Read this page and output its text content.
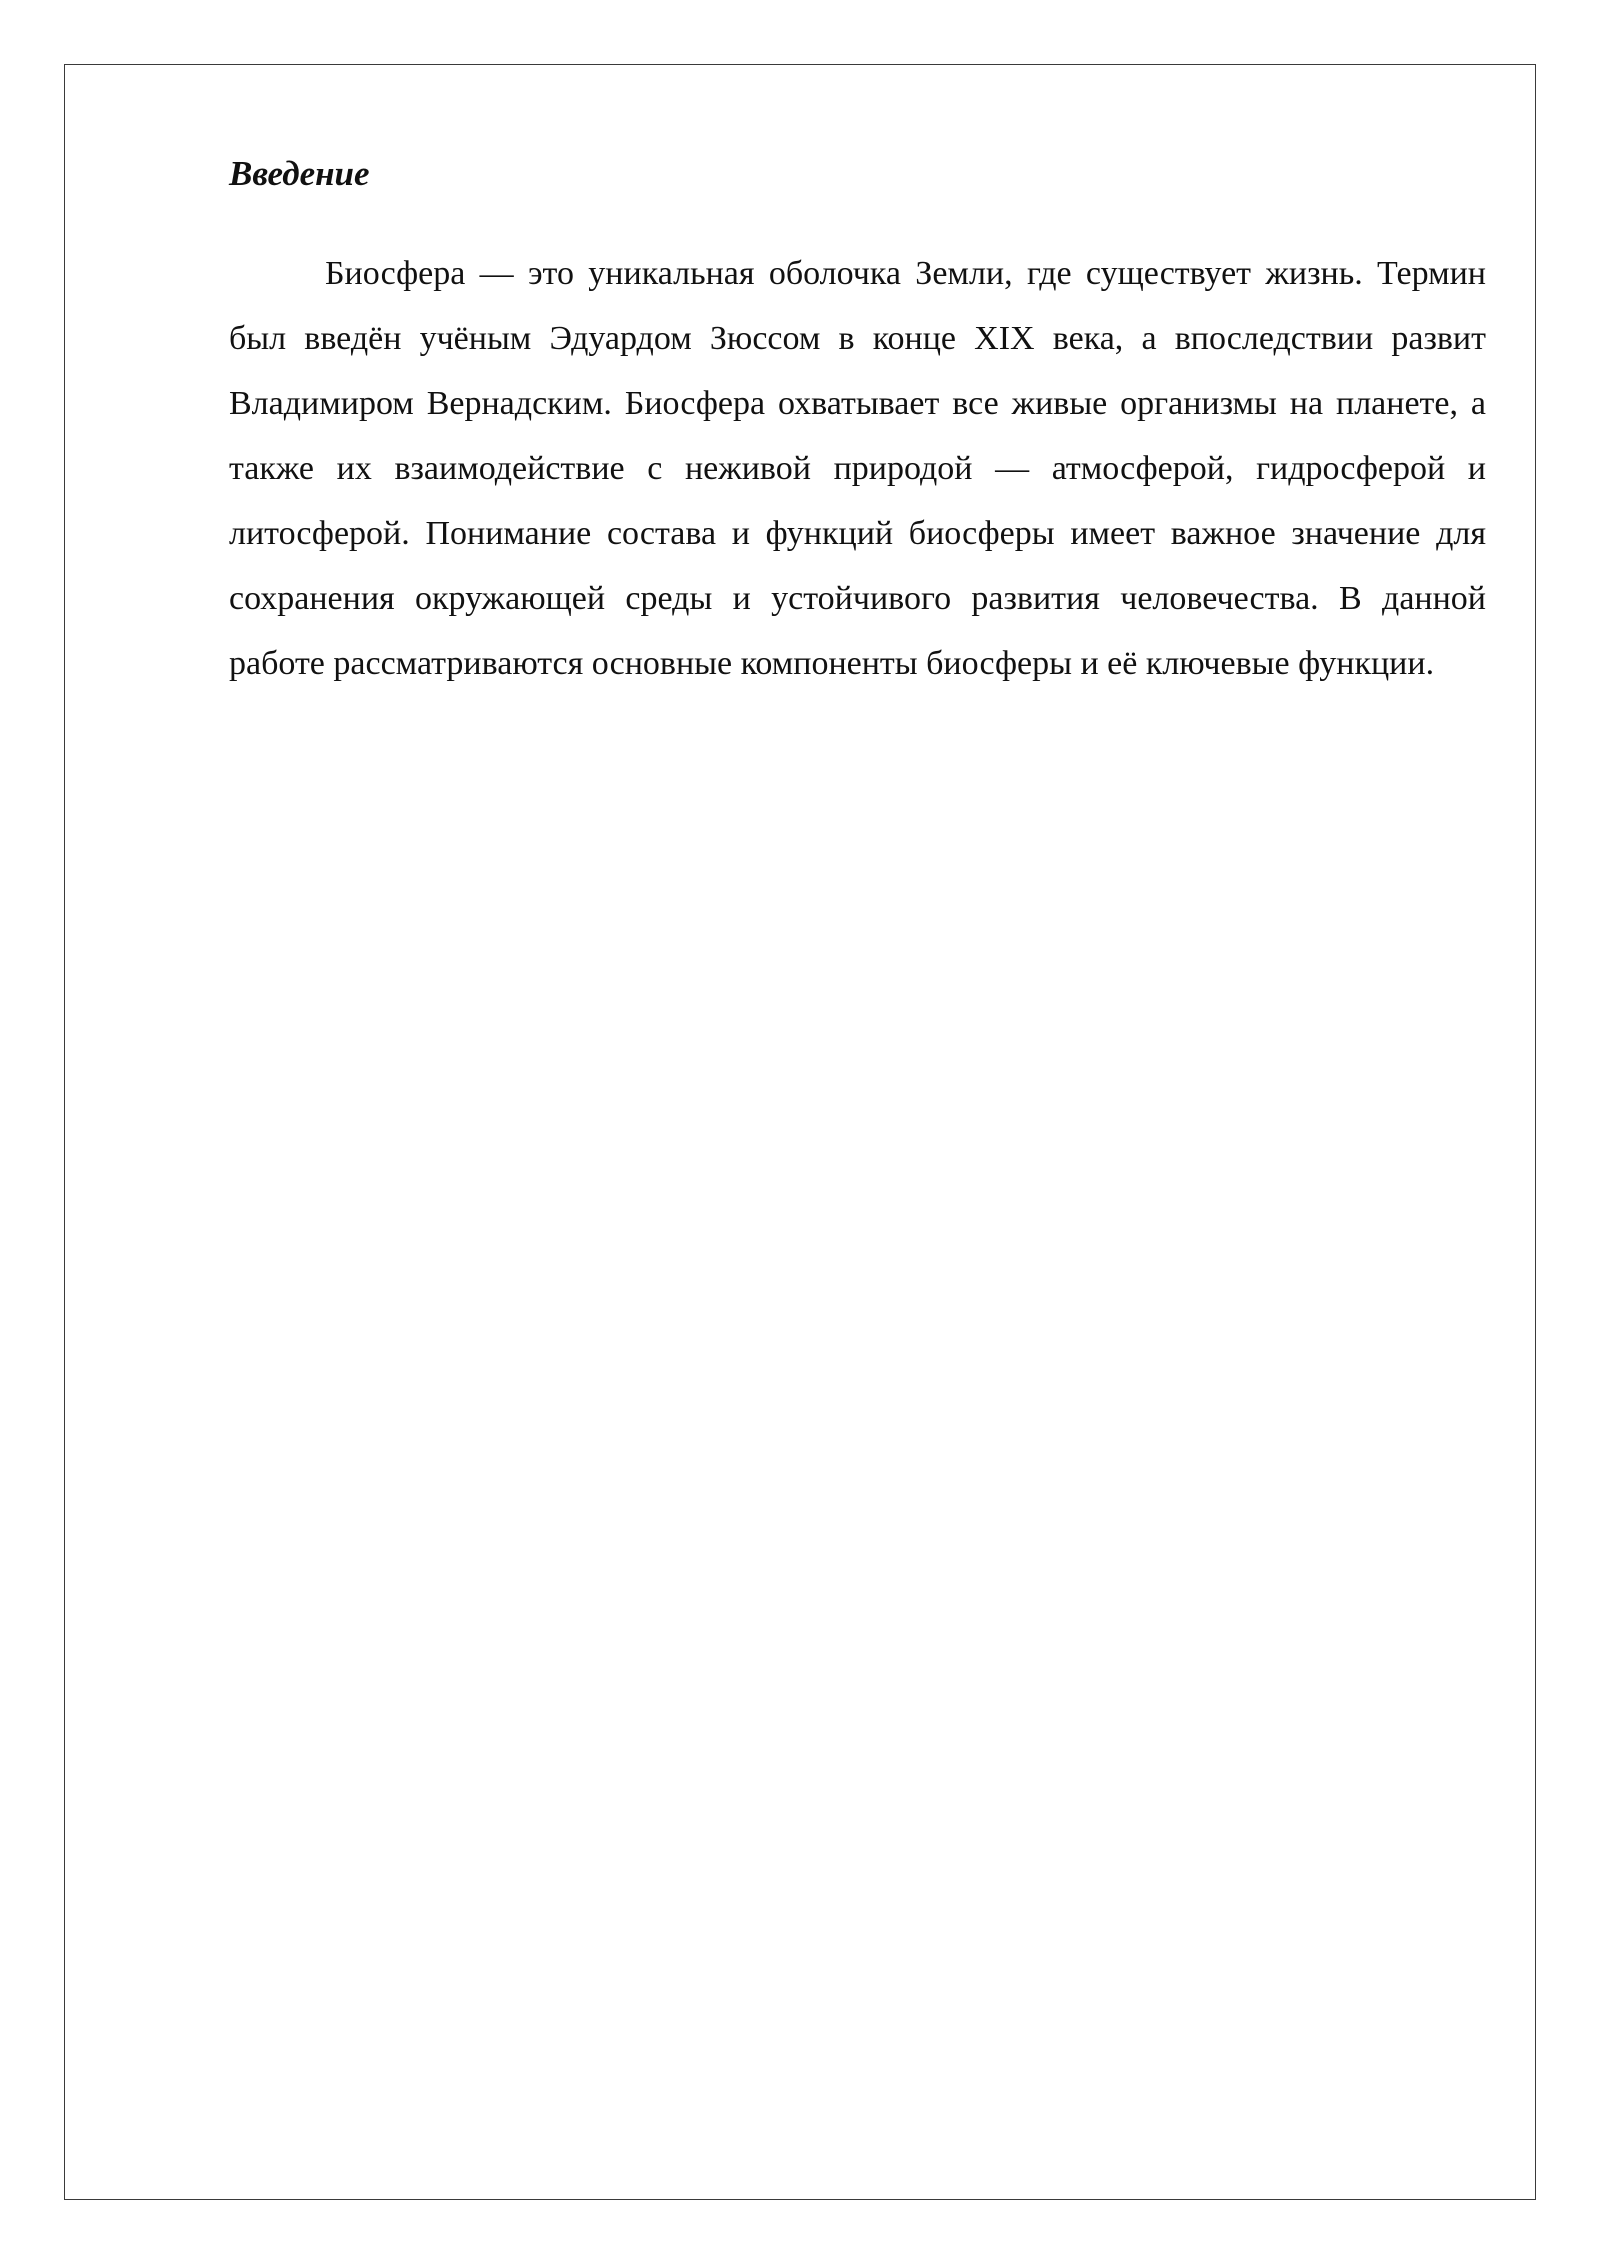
Введение

Биосфера — это уникальная оболочка Земли, где существует жизнь. Термин был введён учёным Эдуардом Зюссом в конце XIX века, а впоследствии развит Владимиром Вернадским. Биосфера охватывает все живые организмы на планете, а также их взаимодействие с неживой природой — атмосферой, гидросферой и литосферой. Понимание состава и функций биосферы имеет важное значение для сохранения окружающей среды и устойчивого развития человечества. В данной работе рассматриваются основные компоненты биосферы и её ключевые функции.
